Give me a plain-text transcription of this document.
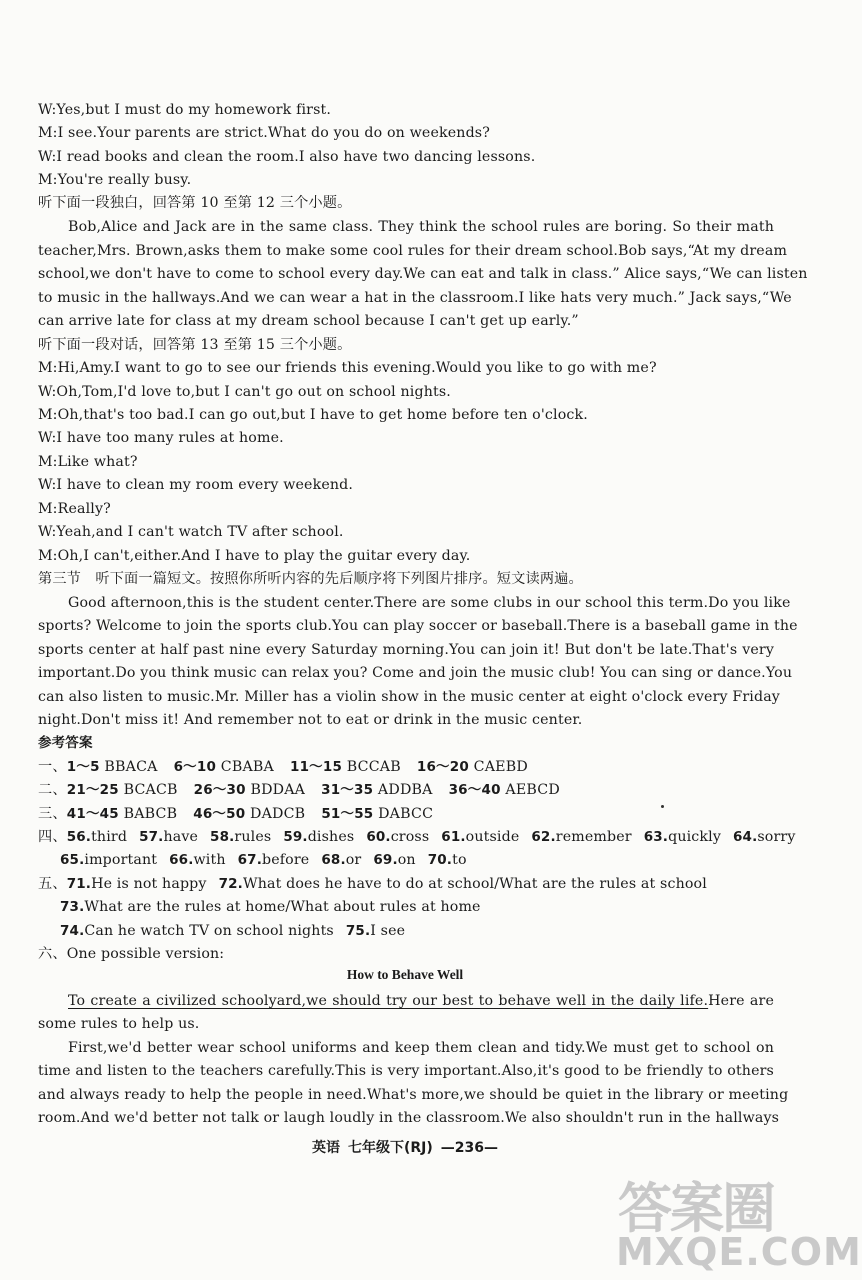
W:Yes,but I must do my homework first.
M:I see.Your parents are strict.What do you do on weekends?
W:I read books and clean the room.I also have two dancing lessons.
M:You're really busy.
听下面一段独白，回答第 10 至第 12 三个小题。
Bob,Alice and Jack are in the same class. They think the school rules are boring. So their math
teacher,Mrs. Brown,asks them to make some cool rules for their dream school.Bob says,“At my dream
school,we don't have to come to school every day.We can eat and talk in class.” Alice says,“We can listen
to music in the hallways.And we can wear a hat in the classroom.I like hats very much.” Jack says,“We
can arrive late for class at my dream school because I can't get up early.”
听下面一段对话，回答第 13 至第 15 三个小题。
M:Hi,Amy.I want to go to see our friends this evening.Would you like to go with me?
W:Oh,Tom,I'd love to,but I can't go out on school nights.
M:Oh,that's too bad.I can go out,but I have to get home before ten o'clock.
W:I have too many rules at home.
M:Like what?
W:I have to clean my room every weekend.
M:Really?
W:Yeah,and I can't watch TV after school.
M:Oh,I can't,either.And I have to play the guitar every day.
第三节　听下面一篇短文。按照你所听内容的先后顺序将下列图片排序。短文读两遍。
Good afternoon,this is the student center.There are some clubs in our school this term.Do you like
sports? Welcome to join the sports club.You can play soccer or baseball.There is a baseball game in the
sports center at half past nine every Saturday morning.You can join it! But don't be late.That's very
important.Do you think music can relax you? Come and join the music club! You can sing or dance.You
can also listen to music.Mr. Miller has a violin show in the music center at eight o'clock every Friday
night.Don't miss it! And remember not to eat or drink in the music center.
参考答案
一、1～5 BBACA 6～10 CBABA 11～15 BCCAB 16～20 CAEBD
二、21～25 BCACB 26～30 BDDAA 31～35 ADDBA 36～40 AEBCD
三、41～45 BABCB 46～50 DADCB 51～55 DABCC
四、56.third 57.have 58.rules 59.dishes 60.cross 61.outside 62.remember 63.quickly 64.sorry
65.important 66.with 67.before 68.or 69.on 70.to
五、71.He is not happy 72.What does he have to do at school/What are the rules at school
73.What are the rules at home/What about rules at home
74.Can he watch TV on school nights 75.I see
六、One possible version:
How to Behave Well
To create a civilized schoolyard,we should try our best to behave well in the daily life.Here are
some rules to help us.
First,we'd better wear school uniforms and keep them clean and tidy.We must get to school on
time and listen to the teachers carefully.This is very important.Also,it's good to be friendly to others
and always ready to help the people in need.What's more,we should be quiet in the library or meeting
room.And we'd better not talk or laugh loudly in the classroom.We also shouldn't run in the hallways
英语 七年级下(RJ) —236—
答案圈
MXQE.COM
